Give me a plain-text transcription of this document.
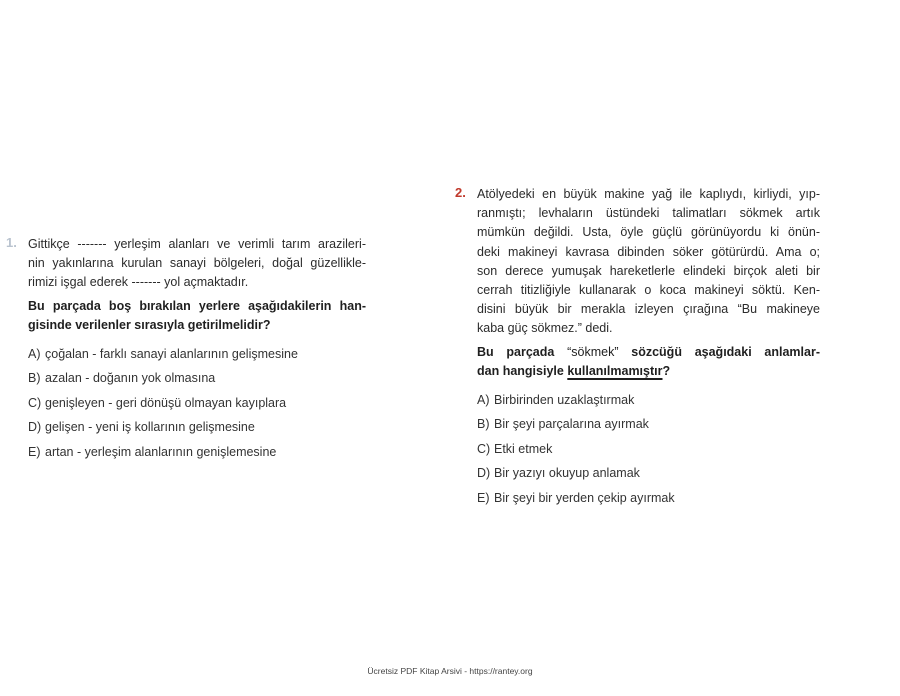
1. Gittikçe ------- yerleşim alanları ve verimli tarım arazileri-
nin yakınlarına kurulan sanayi bölgeleri, doğal güzellikle-
rimizi işgal ederek ------- yol açmaktadır.
Bu parçada boş bırakılan yerlere aşağıdakilerin han-
gisinde verilenler sırasıyla getirilmelidir?
A) çoğalan - farklı sanayi alanlarının gelişmesine
B) azalan - doğanın yok olmasına
C) genişleyen - geri dönüşü olmayan kayıplara
D) gelişen - yeni iş kollarının gelişmesine
E) artan - yerleşim alanlarının genişlemesine
2. Atölyedeki en büyük makine yağ ile kaplıydı, kirliydi, yıp-
ranmıştı; levhaların üstündeki talimatları sökmek artık
mümkün değildi. Usta, öyle güçlü görünüyordu ki önün-
deki makineyi kavrasa dibinden söker götürürdü. Ama o;
son derece yumuşak hareketlerle elindeki birçok aleti bir
cerrah titizliğiyle kullanarak o koca makineyi söktü. Ken-
disini büyük bir merakla izleyen çırağına “Bu makineye
kaba güç sökmez.” dedi.
Bu parçada “sökmek” sözcüğü aşağıdaki anlamlar-
dan hangisiyle kullanılmamıştır?
A) Birbirinden uzaklaştırmak
B) Bir şeyi parçalarına ayırmak
C) Etki etmek
D) Bir yazıyı okuyup anlamak
E) Bir şeyi bir yerden çekip ayırmak
Ücretsiz PDF Kitap Arsivi - https://rantey.org
